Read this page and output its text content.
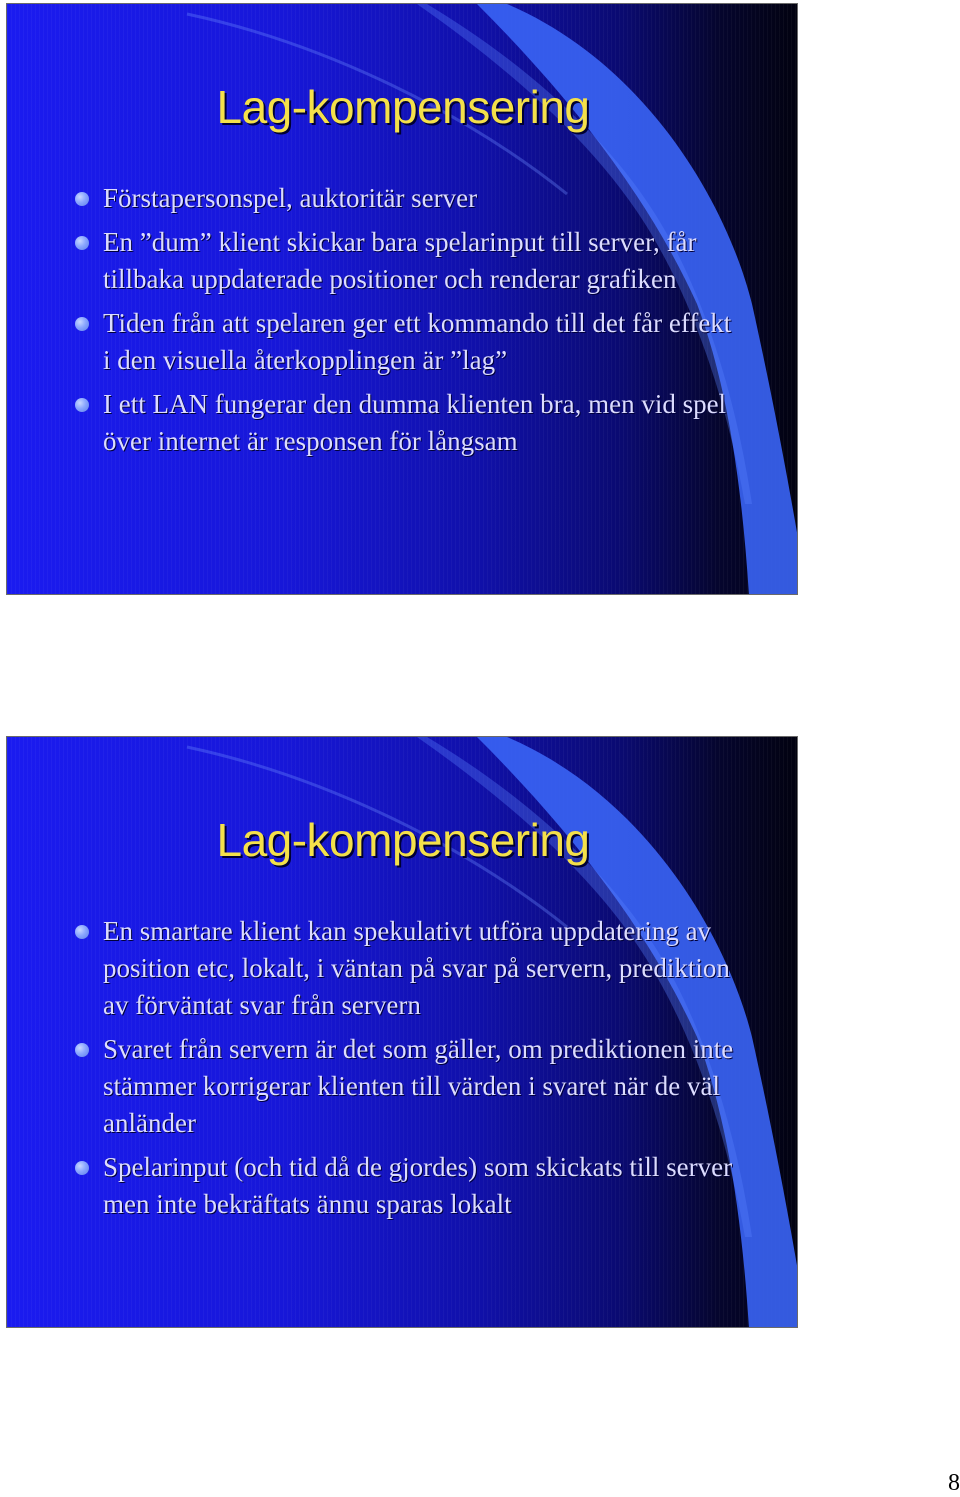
Lag-kompensering
Förstapersonspel, auktoritär server
En ”dum” klient skickar bara spelarinput till server, får tillbaka uppdaterade positioner och renderar grafiken
Tiden från att spelaren ger ett kommando till det får effekt i den visuella återkopplingen är ”lag”
I ett LAN fungerar den dumma klienten bra, men vid spel över internet är responsen för långsam
Lag-kompensering
En smartare klient kan spekulativt utföra uppdatering av position etc, lokalt, i väntan på svar på servern, prediktion av förväntat svar från servern
Svaret från servern är det som gäller, om prediktionen inte stämmer korrigerar klienten till värden i svaret när de väl anländer
Spelarinput (och tid då de gjordes) som skickats till server men inte bekräftats ännu sparas lokalt
8
